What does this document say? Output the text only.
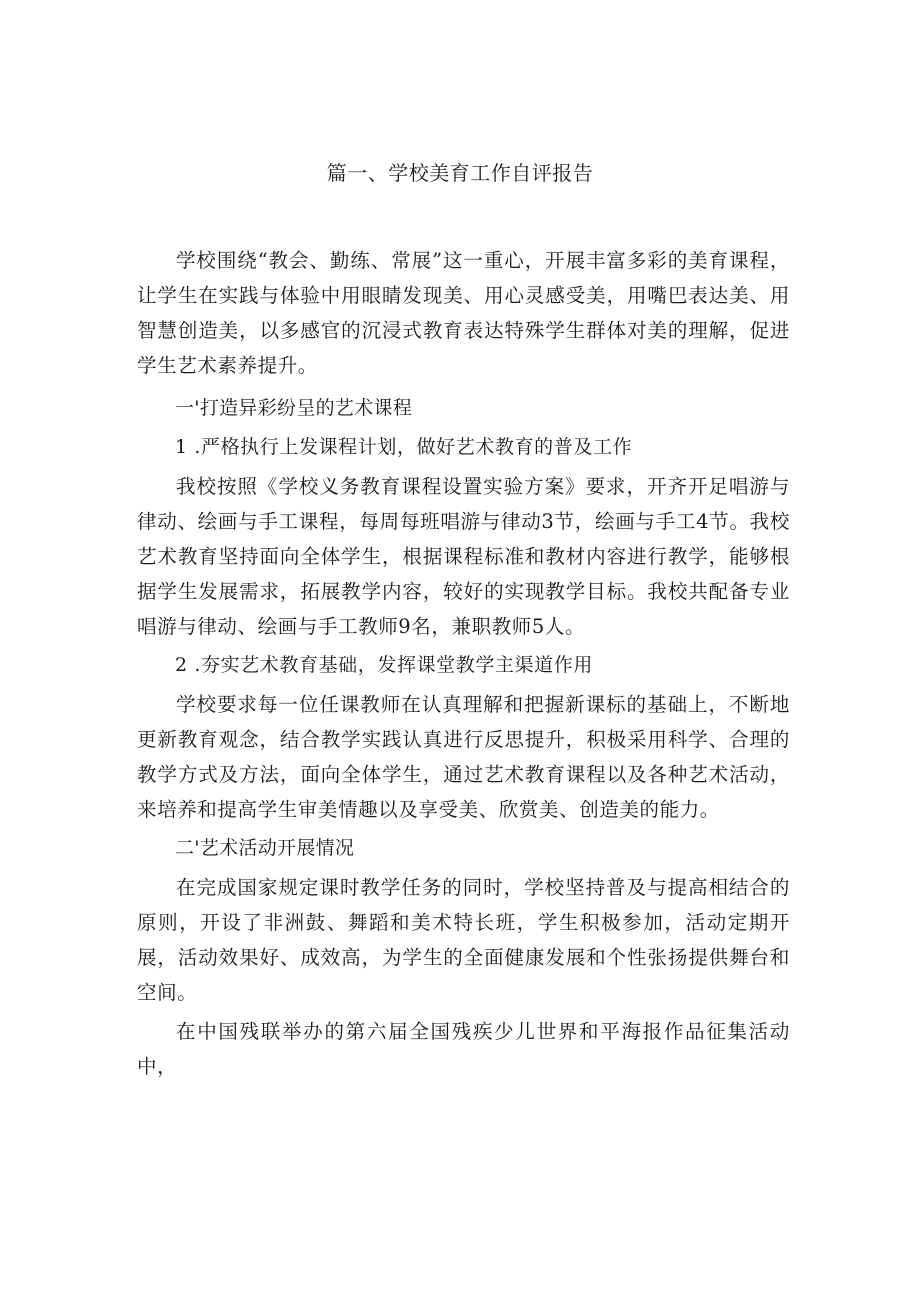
篇一、学校美育工作自评报告

学校围绕“教会、勤练、常展”这一重心，开展丰富多彩的美育课程，让学生在实践与体验中用眼睛发现美、用心灵感受美，用嘴巴表达美、用智慧创造美，以多感官的沉浸式教育表达特殊学生群体对美的理解，促进学生艺术素养提升。

一'打造异彩纷呈的艺术课程

1 .严格执行上发课程计划，做好艺术教育的普及工作

我校按照《学校义务教育课程设置实验方案》要求，开齐开足唱游与律动、绘画与手工课程，每周每班唱游与律动3节，绘画与手工4节。我校艺术教育坚持面向全体学生，根据课程标准和教材内容进行教学，能够根据学生发展需求，拓展教学内容，较好的实现教学目标。我校共配备专业唱游与律动、绘画与手工教师9名，兼职教师5人。

2 .夯实艺术教育基础，发挥课堂教学主渠道作用

学校要求每一位任课教师在认真理解和把握新课标的基础上，不断地更新教育观念，结合教学实践认真进行反思提升，积极采用科学、合理的教学方式及方法，面向全体学生，通过艺术教育课程以及各种艺术活动，来培养和提高学生审美情趣以及享受美、欣赏美、创造美的能力。

二'艺术活动开展情况

在完成国家规定课时教学任务的同时，学校坚持普及与提高相结合的原则，开设了非洲鼓、舞蹈和美术特长班，学生积极参加，活动定期开展，活动效果好、成效高，为学生的全面健康发展和个性张扬提供舞台和空间。

在中国残联举办的第六届全国残疾少儿世界和平海报作品征集活动中，
